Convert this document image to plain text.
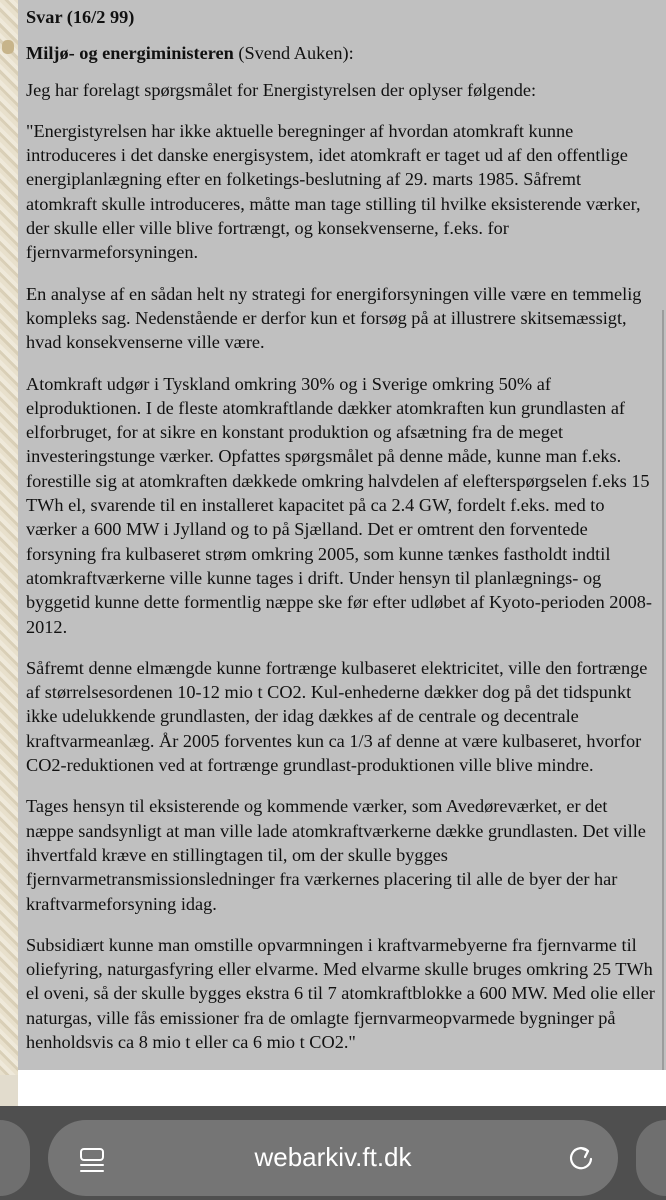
Svar (16/2 99)

Miljø- og energiministeren (Svend Auken):

Jeg har forelagt spørgsmålet for Energistyrelsen der oplyser følgende:

"Energistyrelsen har ikke aktuelle beregninger af hvordan atomkraft kunne introduceres i det danske energisystem, idet atomkraft er taget ud af den offentlige energiplanlægning efter en folketings-beslutning af 29. marts 1985. Såfremt atomkraft skulle introduceres, måtte man tage stilling til hvilke eksisterende værker, der skulle eller ville blive fortrængt, og konsekvenserne, f.eks. for fjernvarmeforsyningen.

En analyse af en sådan helt ny strategi for energiforsyningen ville være en temmelig kompleks sag. Nedenstående er derfor kun et forsøg på at illustrere skitsemæssigt, hvad konsekvenserne ville være.

Atomkraft udgør i Tyskland omkring 30% og i Sverige omkring 50% af elproduktionen. I de fleste atomkraftlande dækker atomkraften kun grundlasten af elforbruget, for at sikre en konstant produktion og afsætning fra de meget investeringstunge værker. Opfattes spørgsmålet på denne måde, kunne man f.eks. forestille sig at atomkraften dækkede omkring halvdelen af elefterspørgselen f.eks 15 TWh el, svarende til en installeret kapacitet på ca 2.4 GW, fordelt f.eks. med to værker a 600 MW i Jylland og to på Sjælland. Det er omtrent den forventede forsyning fra kulbaseret strøm omkring 2005, som kunne tænkes fastholdt indtil atomkraftværkerne ville kunne tages i drift. Under hensyn til planlægnings- og byggetid kunne dette formentlig næppe ske før efter udløbet af Kyoto-perioden 2008-2012.

Såfremt denne elmængde kunne fortrænge kulbaseret elektricitet, ville den fortrænge af størrelsesordenen 10-12 mio t CO2. Kul-enhederne dækker dog på det tidspunkt ikke udelukkende grundlasten, der idag dækkes af de centrale og decentrale kraftvarmeanlæg. År 2005 forventes kun ca 1/3 af denne at være kulbaseret, hvorfor CO2-reduktionen ved at fortrænge grundlast-produktionen ville blive mindre.

Tages hensyn til eksisterende og kommende værker, som Avedøreværket, er det næppe sandsynligt at man ville lade atomkraftværkerne dække grundlasten. Det ville ihvertfald kræve en stillingtagen til, om der skulle bygges fjernvarmetransmissionsledninger fra værkernes placering til alle de byer der har kraftvarmeforsyning idag.

Subsidiært kunne man omstille opvarmningen i kraftvarmebyerne fra fjernvarme til oliefyring, naturgasfyring eller elvarme. Med elvarme skulle bruges omkring 25 TWh el oveni, så der skulle bygges ekstra 6 til 7 atomkraftblokke a 600 MW. Med olie eller naturgas, ville fås emissioner fra de omlagte fjernvarmeopvarmede bygninger på henholdsvis ca 8 mio t eller ca 6 mio t CO2."

webarkiv.ft.dk
